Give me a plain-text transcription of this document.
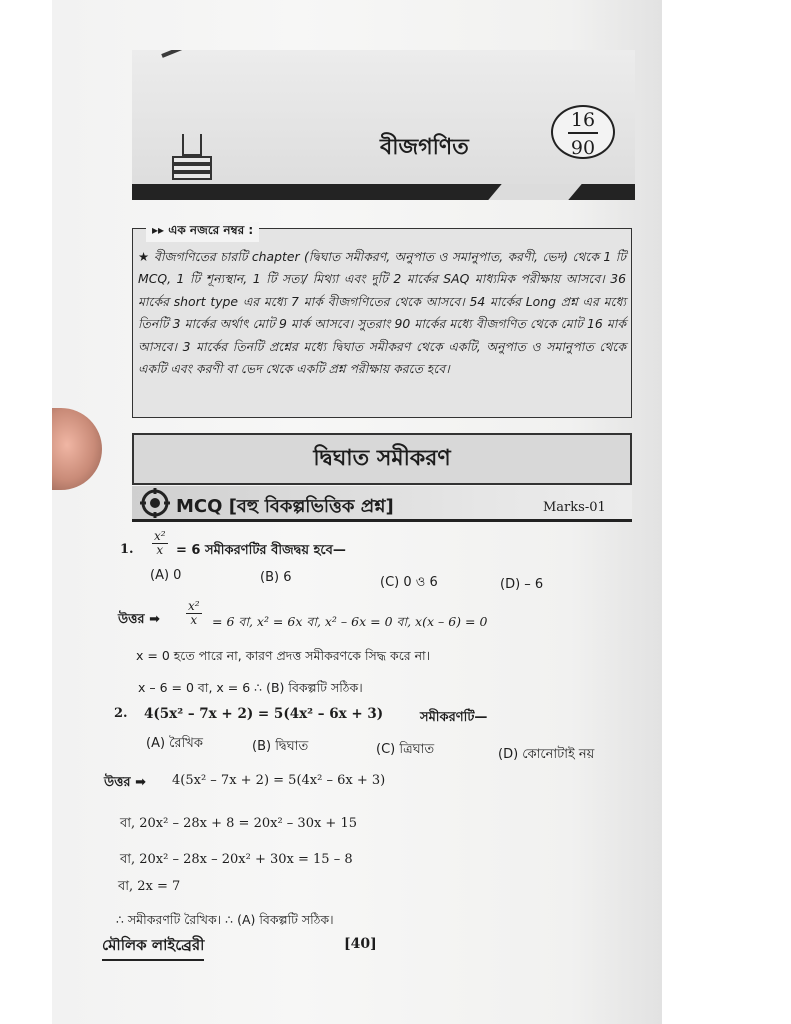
বীজগণিত
16
90
▸▸ এক নজরে নম্বর :
★ বীজগণিতের চারটি chapter (দ্বিঘাত সমীকরণ, অনুপাত ও সমানুপাত, করণী, ভেদ) থেকে 1 টি MCQ, 1 টি শূন্যস্থান, 1 টি সত্য/ মিথ্যা এবং দুটি 2 মার্কের SAQ মাধ্যমিক পরীক্ষায় আসবে। 36 মার্কের short type এর মধ্যে 7 মার্ক বীজগণিতের থেকে আসবে। 54 মার্কের Long প্রশ্ন এর মধ্যে তিনটি 3 মার্কের অর্থাৎ মোট 9 মার্ক আসবে। সুতরাং 90 মার্কের মধ্যে বীজগণিত থেকে মোট 16 মার্ক আসবে। 3 মার্কের তিনটি প্রশ্নের মধ্যে দ্বিঘাত সমীকরণ থেকে একটি, অনুপাত ও সমানুপাত থেকে একটি এবং করণী বা ভেদ থেকে একটি প্রশ্ন পরীক্ষায় করতে হবে।
দ্বিঘাত সমীকরণ
MCQ [বহু বিকল্পভিত্তিক প্রশ্ন]	Marks-01
1. $\frac{\text{x²}}{x} = 6$ সমীকরণটির বীজদ্বয় হবে—
(A) 0	(B) 6	(C) 0 ও 6	(D) – 6
উত্তর ➡ $\frac{\text{x²}}{x} = 6$ বা, x² = 6x বা, x² – 6x = 0 বা, x(x – 6) = 0
x = 0 হতে পারে না, কারণ প্রদত্ত সমীকরণকে সিদ্ধ করে না।
x – 6 = 0 বা, x = 6 ∴ (B) বিকল্পটি সঠিক।
2. 4(5x² – 7x + 2) = 5(4x² – 6x + 3)	সমীকরণটি—
(A) রৈখিক	(B) দ্বিঘাত	(C) ত্রিঘাত	(D) কোনোটাই নয়
উত্তর ➡ 4(5x² – 7x + 2) = 5(4x² – 6x + 3)
বা, 20x² – 28x + 8 = 20x² – 30x + 15
বা, 20x² – 28x – 20x² + 30x = 15 – 8
বা, 2x = 7
∴ সমীকরণটি রৈখিক। ∴ (A) বিকল্পটি সঠিক।
মৌলিক লাইব্রেরী	[40]
